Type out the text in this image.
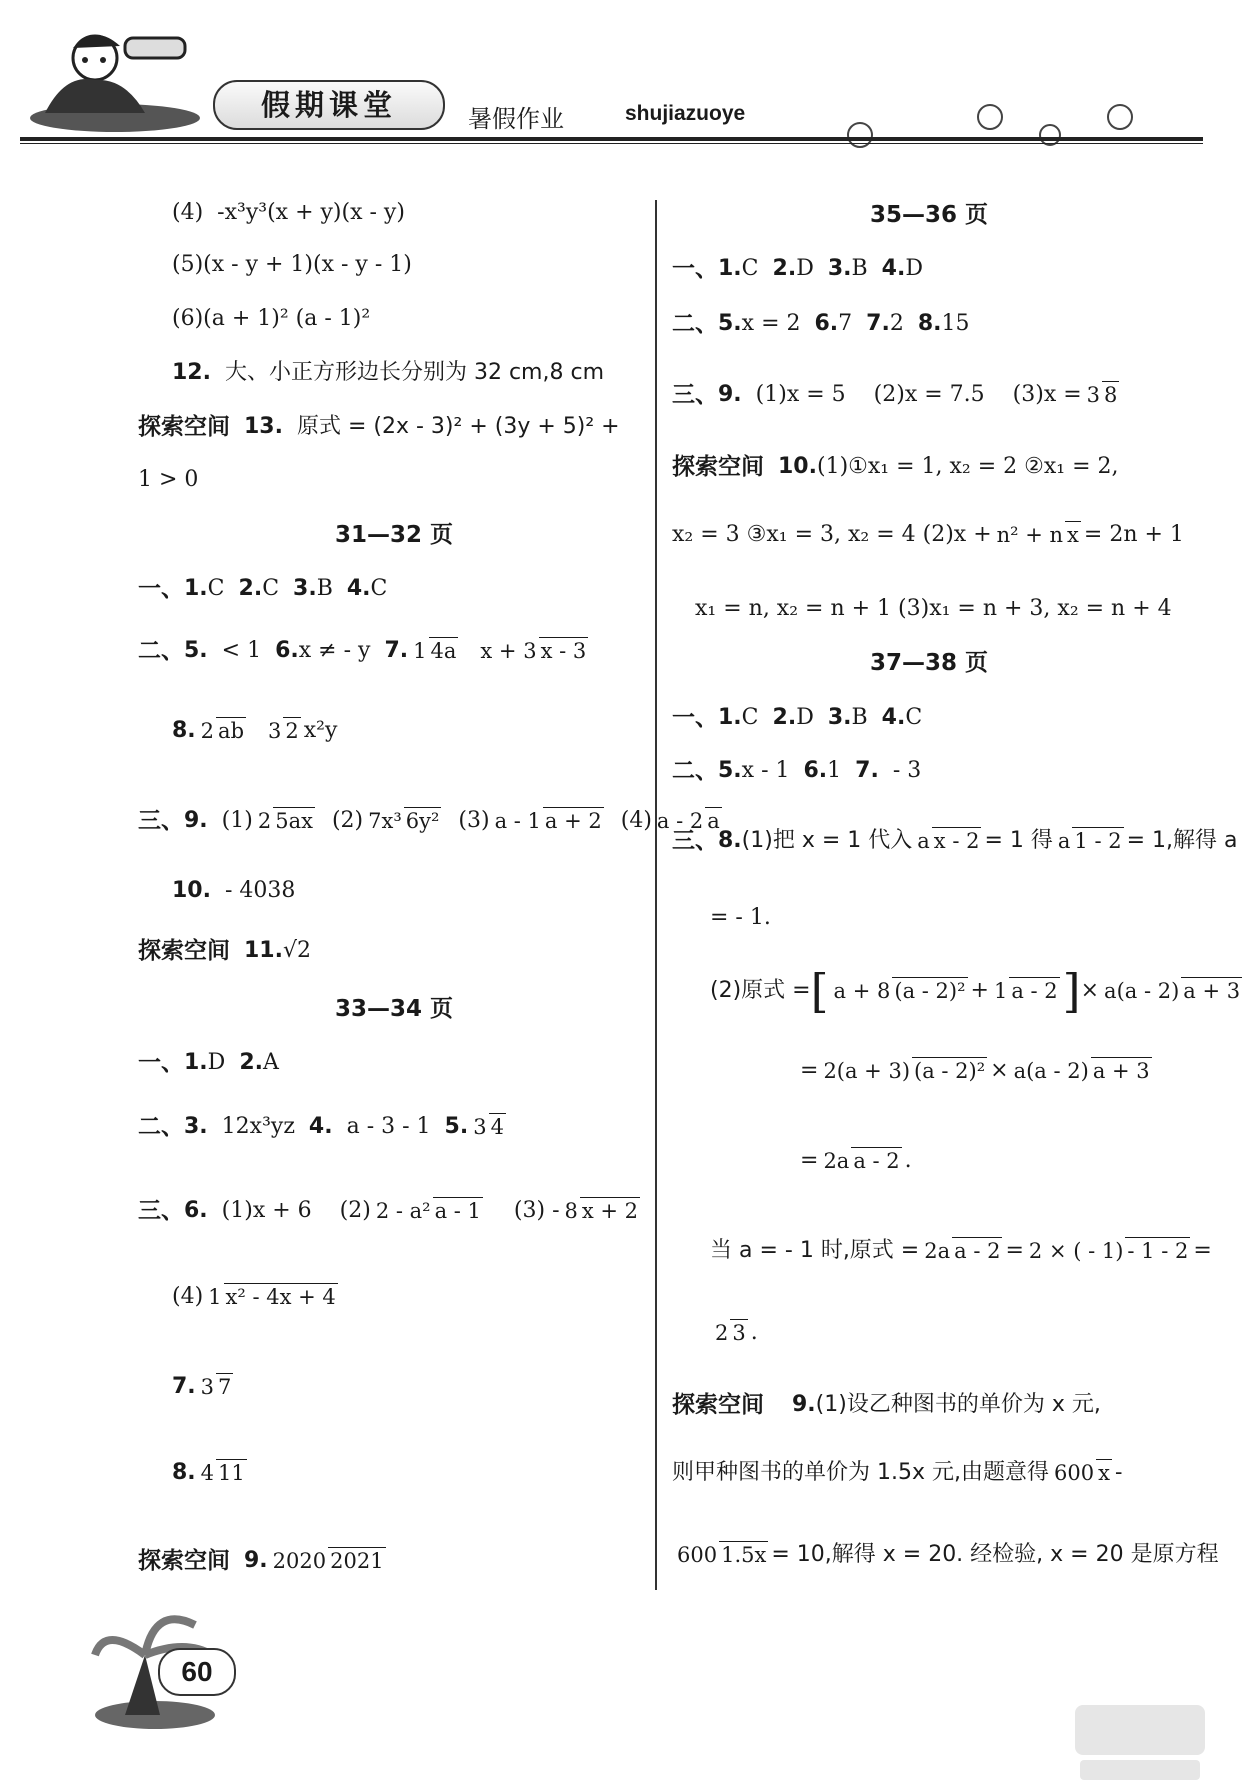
假期课堂	暑假作业	shujiazuoye
(4) -x³y³(x + y)(x - y)
(5) (x - y + 1)(x - y - 1)
(6) (a + 1)² (a - 1)²
12. 大、小正方形边长分别为 32 cm,8 cm
探索空间 13. 原式 = (2x - 3)² + (3y + 5)² +
1 > 0
31—32 页
一、 1. C 2. C 3. B 4. C
二、 5. < 1 6. x ≠ - y 7. 1 4a x + 3 x - 3
8. 2 ab 3 2 x²y
三、 9. (1) 2 5ax (2) 7x³ 6y² (3) a - 1 a + 2 (4) a - 2 a
10. - 4038
探索空间 11. √2
33—34 页
一、 1. D 2. A
二、 3. 12x³yz 4. a - 3 - 1 5. 3 4
三、 6. (1)x + 6 (2) 2 - a² a - 1 (3) - 8 x + 2
(4) 1 x² - 4x + 4
7. 3 7
8. 4 11
探索空间 9. 2020 2021
35—36 页
一、 1. C 2. D 3. B 4. D
二、 5. x = 2 6. 7 7. 2 8. 15
三、 9. (1)x = 5 (2)x = 7.5 (3)x = 3 8
探索空间 10. (1)①x₁ = 1, x₂ = 2 ②x₁ = 2,
x₂ = 3 ③x₁ = 3, x₂ = 4 (2)x + n² + n x = 2n + 1
x₁ = n, x₂ = n + 1 (3)x₁ = n + 3, x₂ = n + 4
37—38 页
一、 1. C 2. D 3. B 4. C
二、 5. x - 1 6. 1 7. - 3
三、 8. (1)把 x = 1 代入 a x - 2 = 1 得 a 1 - 2 = 1,解得 a
= - 1.
(2)原式 = [ a + 8 (a - 2)² + 1 a - 2 ] × a(a - 2) a + 3
= 2(a + 3) (a - 2)² × a(a - 2) a + 3
= 2a a - 2 .
当 a = - 1 时,原式 = 2a a - 2 = 2 × ( - 1) - 1 - 2 =
2 3 .
探索空间 9. (1)设乙种图书的单价为 x 元,
则甲种图书的单价为 1.5x 元,由题意得 600 x -
600 1.5x = 10,解得 x = 20. 经检验, x = 20 是原方程
60
